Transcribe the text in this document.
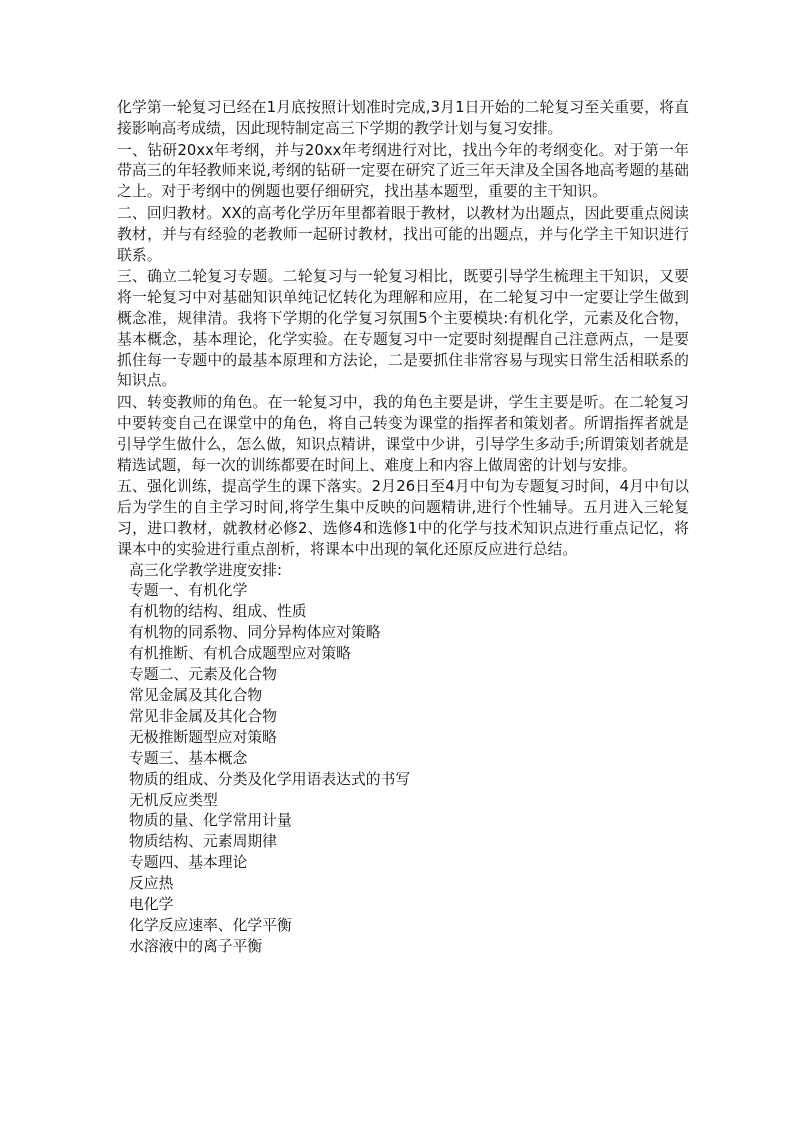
化学第一轮复习已经在1月底按照计划准时完成,3月1日开始的二轮复习至关重要，将直接影响高考成绩，因此现特制定高三下学期的教学计划与复习安排。

一、钻研20xx年考纲，并与20xx年考纲进行对比，找出今年的考纲变化。对于第一年带高三的年轻教师来说,考纲的钻研一定要在研究了近三年天津及全国各地高考题的基础之上。对于考纲中的例题也要仔细研究，找出基本题型，重要的主干知识。

二、回归教材。XX的高考化学历年里都着眼于教材，以教材为出题点，因此要重点阅读教材，并与有经验的老教师一起研讨教材，找出可能的出题点，并与化学主干知识进行联系。

三、确立二轮复习专题。二轮复习与一轮复习相比，既要引导学生梳理主干知识，又要将一轮复习中对基础知识单纯记忆转化为理解和应用，在二轮复习中一定要让学生做到概念准，规律清。我将下学期的化学复习氛围5个主要模块:有机化学，元素及化合物，基本概念，基本理论，化学实验。在专题复习中一定要时刻提醒自己注意两点，一是要抓住每一专题中的最基本原理和方法论，二是要抓住非常容易与现实日常生活相联系的知识点。

四、转变教师的角色。在一轮复习中，我的角色主要是讲，学生主要是听。在二轮复习中要转变自己在课堂中的角色，将自己转变为课堂的指挥者和策划者。所谓指挥者就是引导学生做什么，怎么做，知识点精讲，课堂中少讲，引导学生多动手;所谓策划者就是精选试题，每一次的训练都要在时间上、难度上和内容上做周密的计划与安排。

五、强化训练，提高学生的课下落实。2月26日至4月中旬为专题复习时间，4月中旬以后为学生的自主学习时间,将学生集中反映的问题精讲,进行个性辅导。五月进入三轮复习，进口教材，就教材必修2、选修4和选修1中的化学与技术知识点进行重点记忆，将课本中的实验进行重点剖析，将课本中出现的氧化还原反应进行总结。

高三化学教学进度安排:

专题一、有机化学

有机物的结构、组成、性质

有机物的同系物、同分异构体应对策略

有机推断、有机合成题型应对策略

专题二、元素及化合物

常见金属及其化合物

常见非金属及其化合物

无极推断题型应对策略

专题三、基本概念

物质的组成、分类及化学用语表达式的书写

无机反应类型

物质的量、化学常用计量

物质结构、元素周期律

专题四、基本理论

反应热

电化学

化学反应速率、化学平衡

水溶液中的离子平衡
